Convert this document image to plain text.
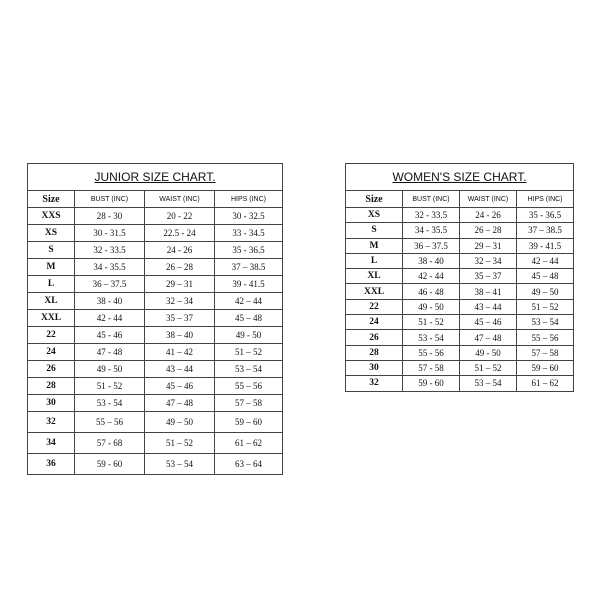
JUNIOR SIZE CHART.			
Size	BUST (INC)	WAIST (INC)	HIPS (INC)
XXS	28 - 30	20 - 22	30 - 32.5
XS	30 - 31.5	22.5 - 24	33 - 34.5
S	32 - 33.5	24 - 26	35 - 36.5
M	34 - 35.5	26 – 28	37 – 38.5
L	36 – 37.5	29 – 31	39 - 41.5
XL	38 - 40	32 – 34	42 – 44
XXL	42 - 44	35 – 37	45 – 48
22	45 - 46	38 – 40	49 - 50
24	47 - 48	41 – 42	51 – 52
26	49 - 50	43 – 44	53 – 54
28	51 - 52	45 – 46	55 – 56
30	53 - 54	47 – 48	57 – 58
32	55 – 56	49 – 50	59 – 60
34	57 - 68	51 – 52	61 – 62
36	59 - 60	53 – 54	63 – 64
WOMEN'S SIZE CHART.			
Size	BUST (INC)	WAIST (INC)	HIPS (INC)
XS	32 - 33.5	24 - 26	35 - 36.5
S	34 - 35.5	26 – 28	37 – 38.5
M	36 – 37.5	29 – 31	39 - 41.5
L	38 - 40	32 – 34	42 – 44
XL	42 - 44	35 – 37	45 – 48
XXL	46 - 48	38 – 41	49 – 50
22	49 - 50	43 – 44	51 – 52
24	51 - 52	45 – 46	53 – 54
26	53 - 54	47 – 48	55 – 56
28	55 - 56	49 - 50	57 – 58
30	57 - 58	51 – 52	59 – 60
32	59 - 60	53 – 54	61 – 62
